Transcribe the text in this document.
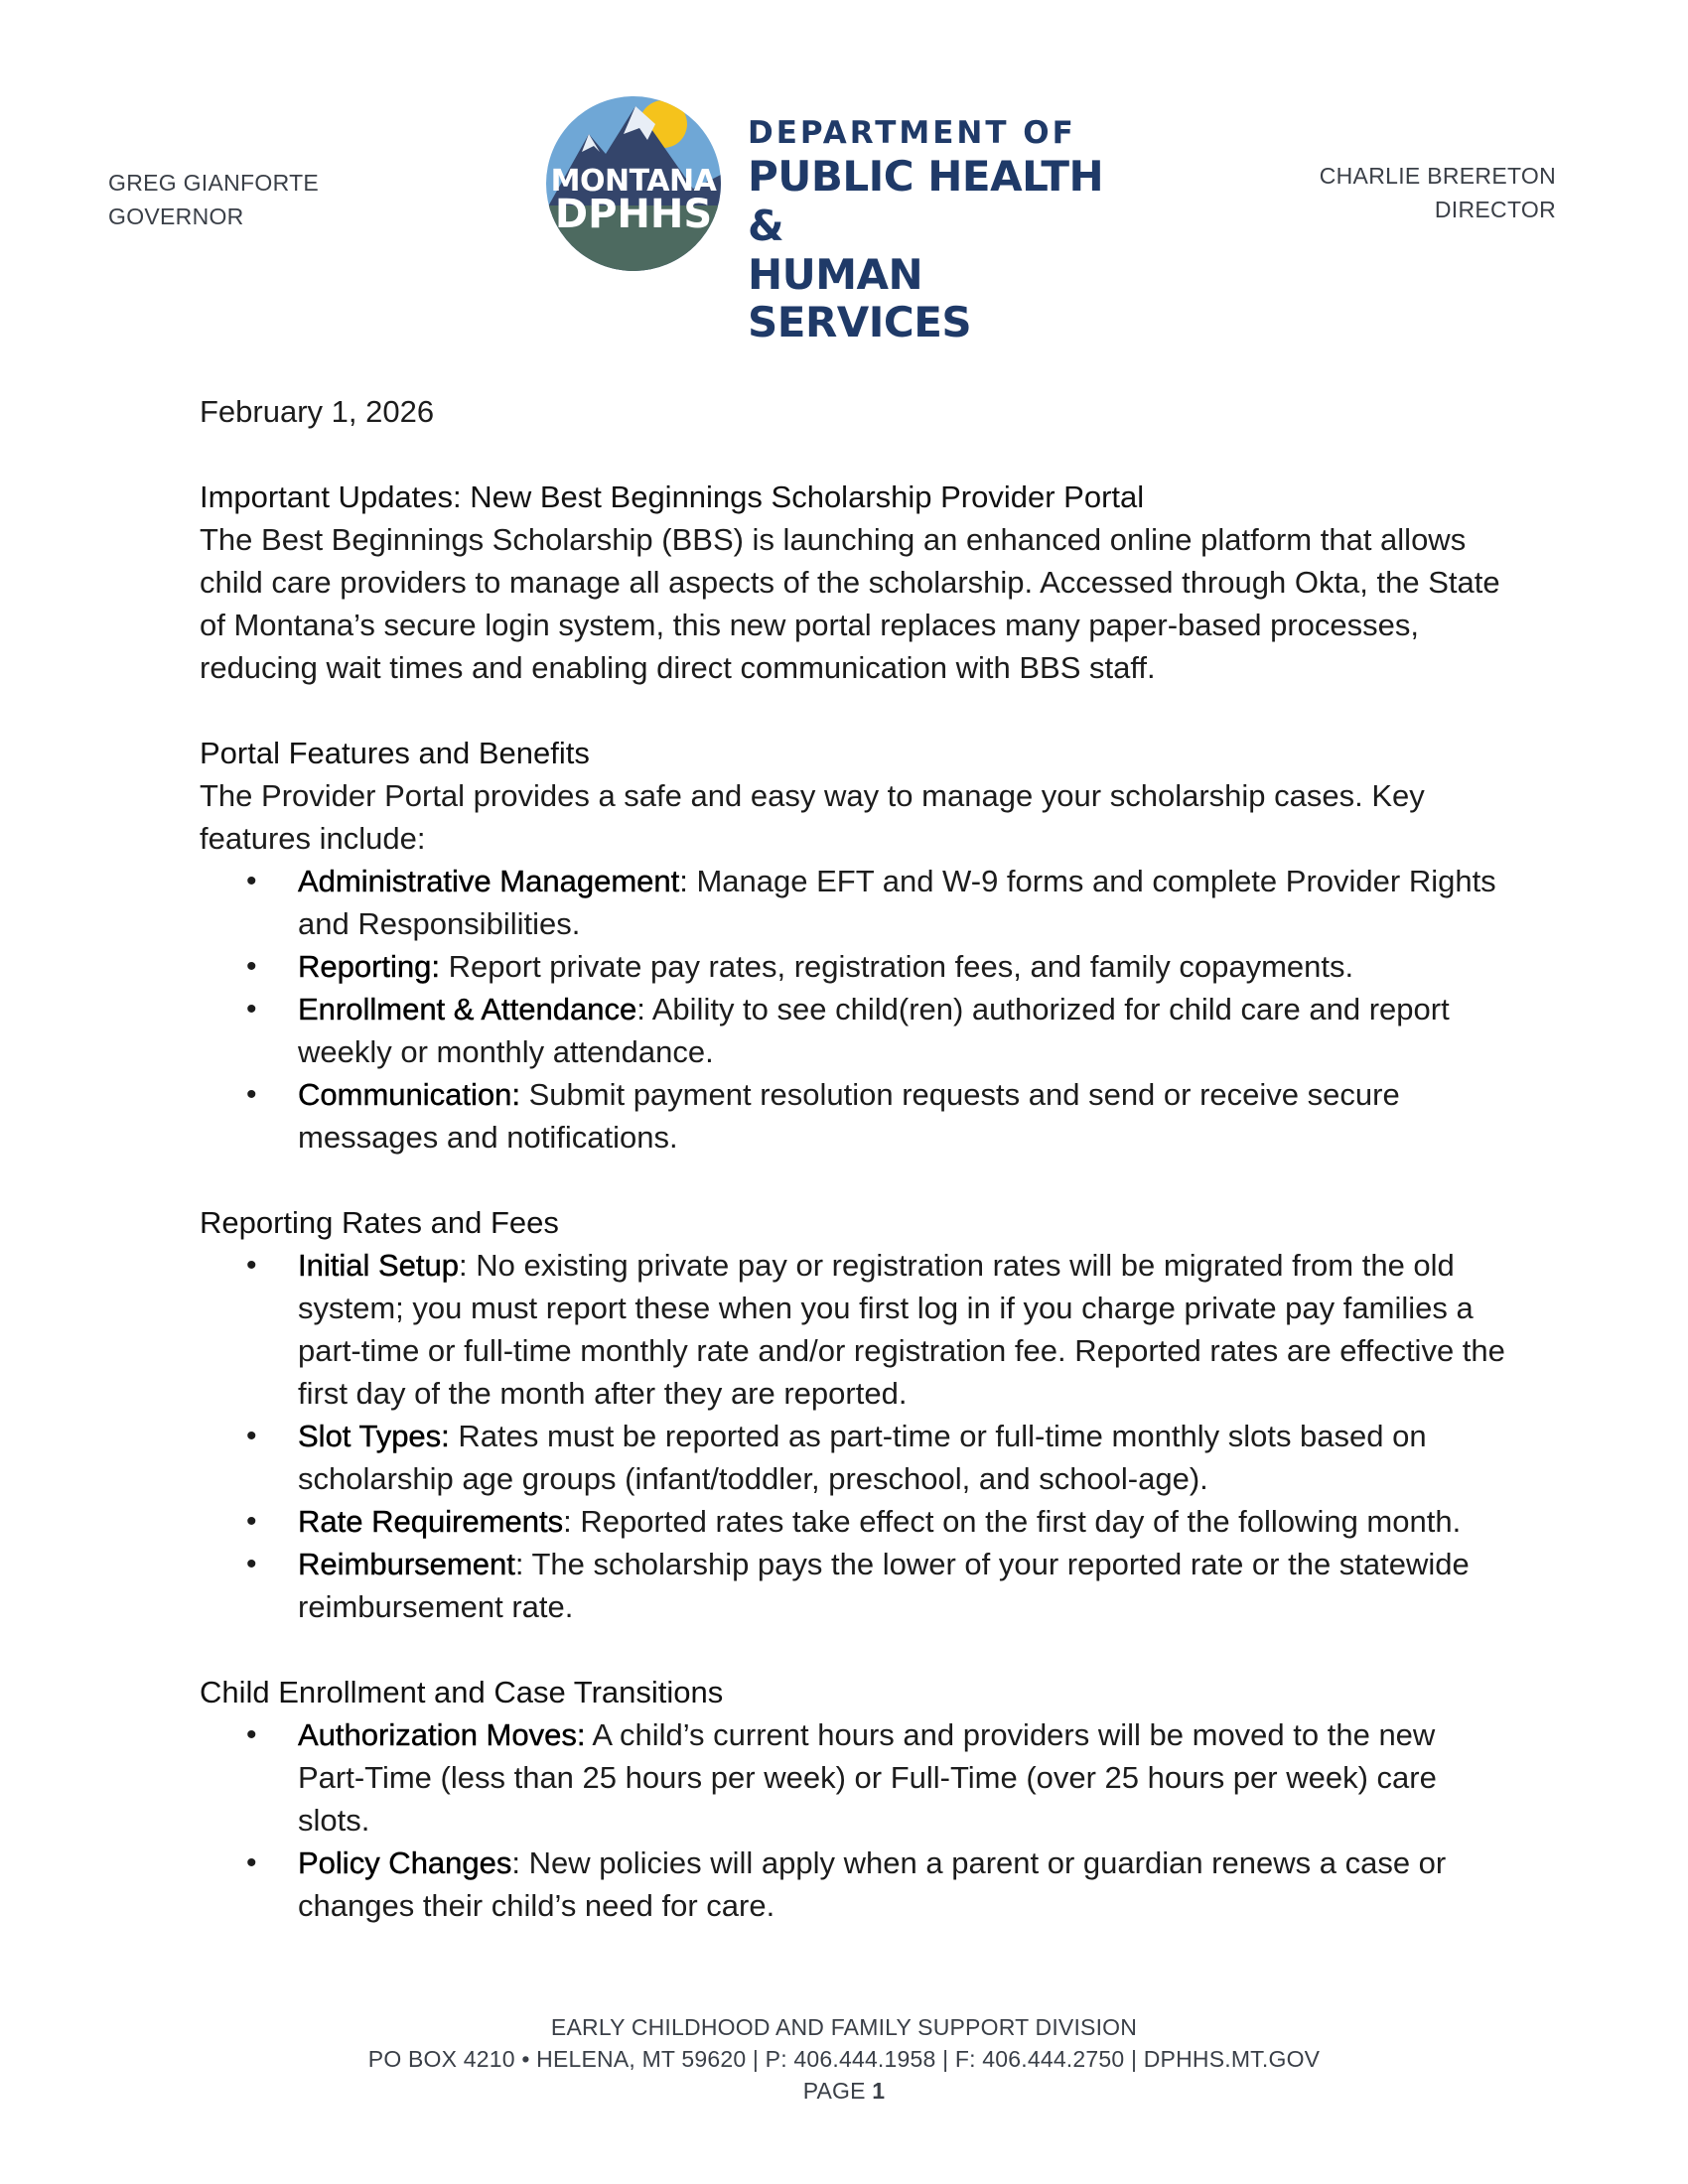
GREG GIANFORTE
GOVERNOR
MONTANA
DPHHS
DEPARTMENT OF
PUBLIC HEALTH &
HUMAN SERVICES
CHARLIE BRERETON
DIRECTOR
February 1, 2026
Important Updates: New Best Beginnings Scholarship Provider Portal
The Best Beginnings Scholarship (BBS) is launching an enhanced online platform that allows child care providers to manage all aspects of the scholarship. Accessed through Okta, the State of Montana’s secure login system, this new portal replaces many paper-based processes, reducing wait times and enabling direct communication with BBS staff.
Portal Features and Benefits
The Provider Portal provides a safe and easy way to manage your scholarship cases. Key features include:
• Administrative Management: Manage EFT and W-9 forms and complete Provider Rights and Responsibilities.
• Reporting: Report private pay rates, registration fees, and family copayments.
• Enrollment & Attendance: Ability to see child(ren) authorized for child care and report weekly or monthly attendance.
• Communication: Submit payment resolution requests and send or receive secure messages and notifications.
Reporting Rates and Fees
• Initial Setup: No existing private pay or registration rates will be migrated from the old system; you must report these when you first log in if you charge private pay families a part-time or full-time monthly rate and/or registration fee. Reported rates are effective the first day of the month after they are reported.
• Slot Types: Rates must be reported as part-time or full-time monthly slots based on scholarship age groups (infant/toddler, preschool, and school-age).
• Rate Requirements: Reported rates take effect on the first day of the following month.
• Reimbursement: The scholarship pays the lower of your reported rate or the statewide reimbursement rate.
Child Enrollment and Case Transitions
• Authorization Moves: A child’s current hours and providers will be moved to the new Part-Time (less than 25 hours per week) or Full-Time (over 25 hours per week) care slots.
• Policy Changes: New policies will apply when a parent or guardian renews a case or changes their child’s need for care.
EARLY CHILDHOOD AND FAMILY SUPPORT DIVISION
PO BOX 4210 • HELENA, MT 59620 | P: 406.444.1958 | F: 406.444.2750 | DPHHS.MT.GOV
PAGE 1
